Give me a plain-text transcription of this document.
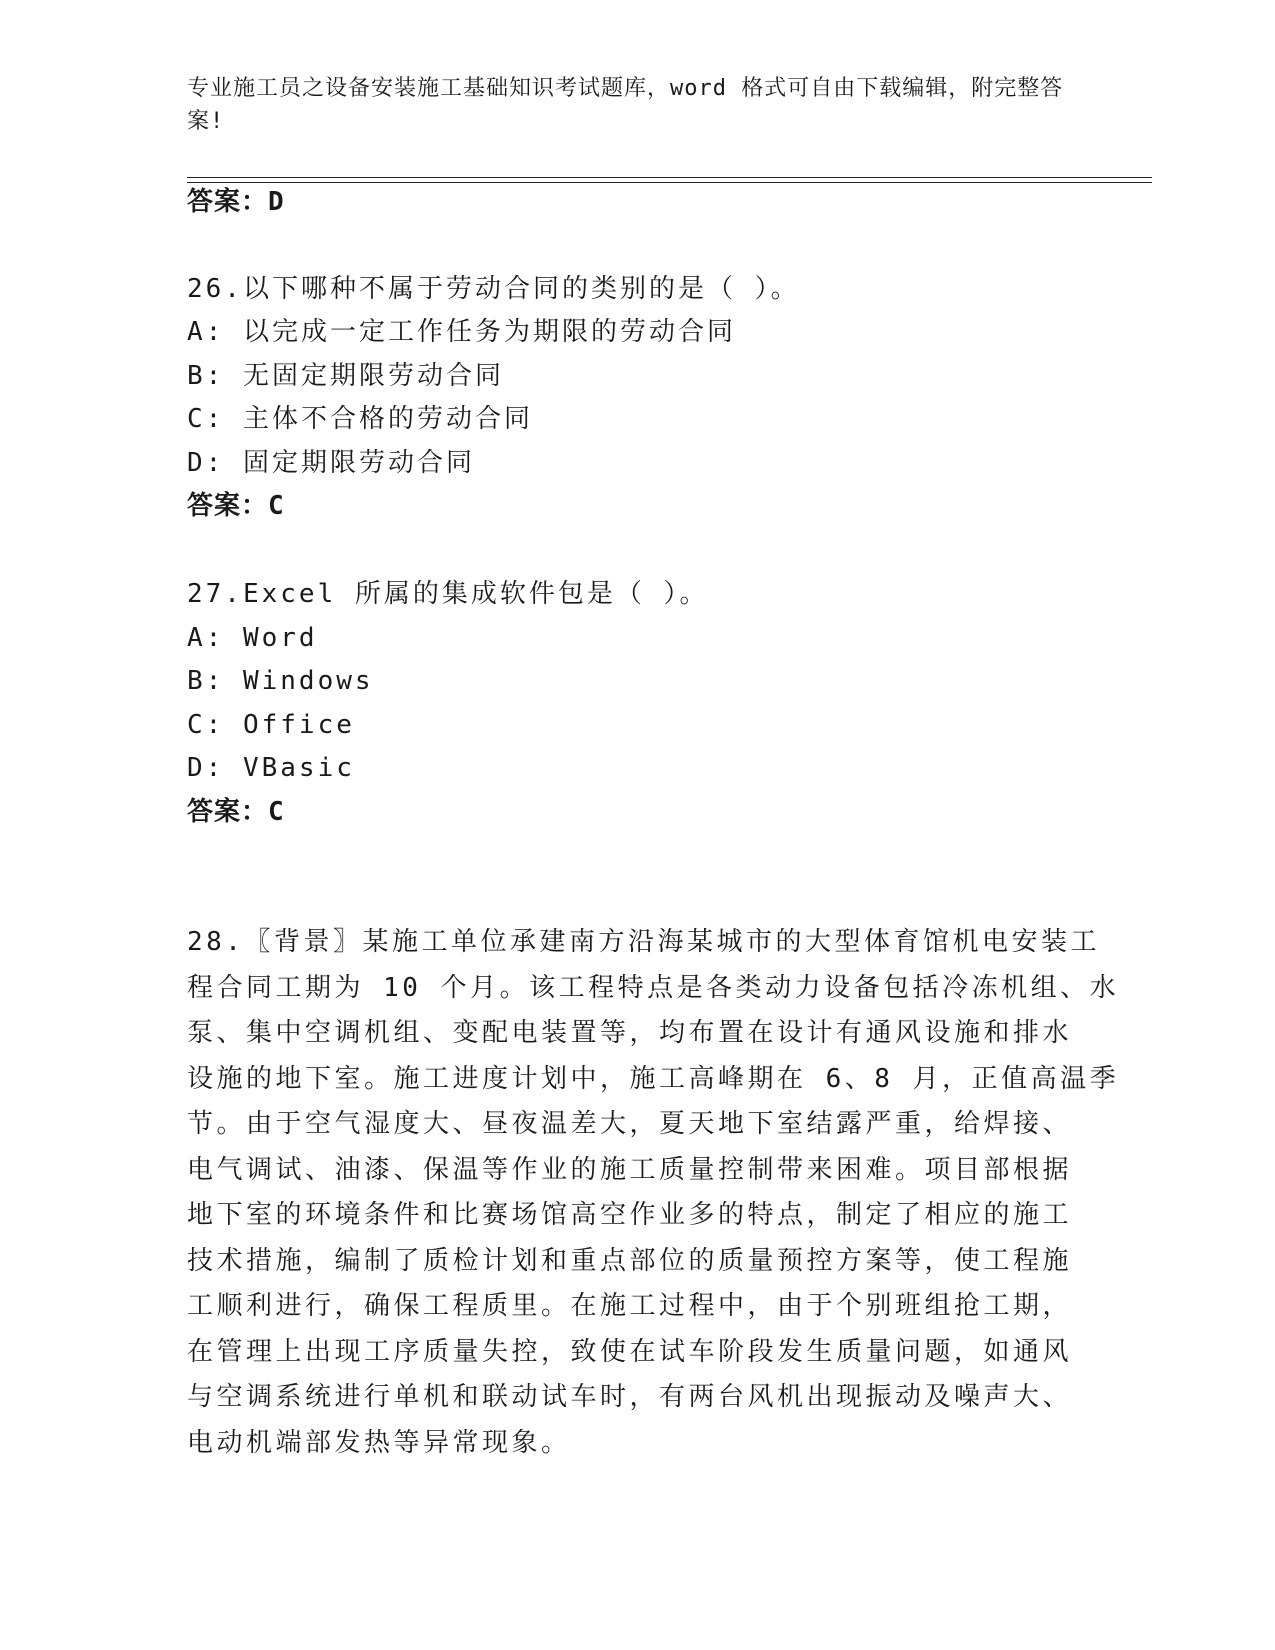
专业施工员之设备安装施工基础知识考试题库，word 格式可自由下载编辑，附完整答案!
答案：D
26.以下哪种不属于劳动合同的类别的是（ ）。
A: 以完成一定工作任务为期限的劳动合同
B: 无固定期限劳动合同
C: 主体不合格的劳动合同
D: 固定期限劳动合同
答案：C
27.Excel 所属的集成软件包是（ ）。
A: Word
B: Windows
C: Office
D: VBasic
答案：C
28.〖背景〗某施工单位承建南方沿海某城市的大型体育馆机电安装工
程合同工期为 10 个月。该工程特点是各类动力设备包括冷冻机组、水
泵、集中空调机组、变配电装置等，均布置在设计有通风设施和排水
设施的地下室。施工进度计划中，施工高峰期在 6、8 月，正值高温季
节。由于空气湿度大、昼夜温差大，夏天地下室结露严重，给焊接、
电气调试、油漆、保温等作业的施工质量控制带来困难。项目部根据
地下室的环境条件和比赛场馆高空作业多的特点，制定了相应的施工
技术措施，编制了质检计划和重点部位的质量预控方案等，使工程施
工顺利进行，确保工程质里。在施工过程中，由于个别班组抢工期，
在管理上出现工序质量失控，致使在试车阶段发生质量问题，如通风
与空调系统进行单机和联动试车时，有两台风机出现振动及噪声大、
电动机端部发热等异常现象。
